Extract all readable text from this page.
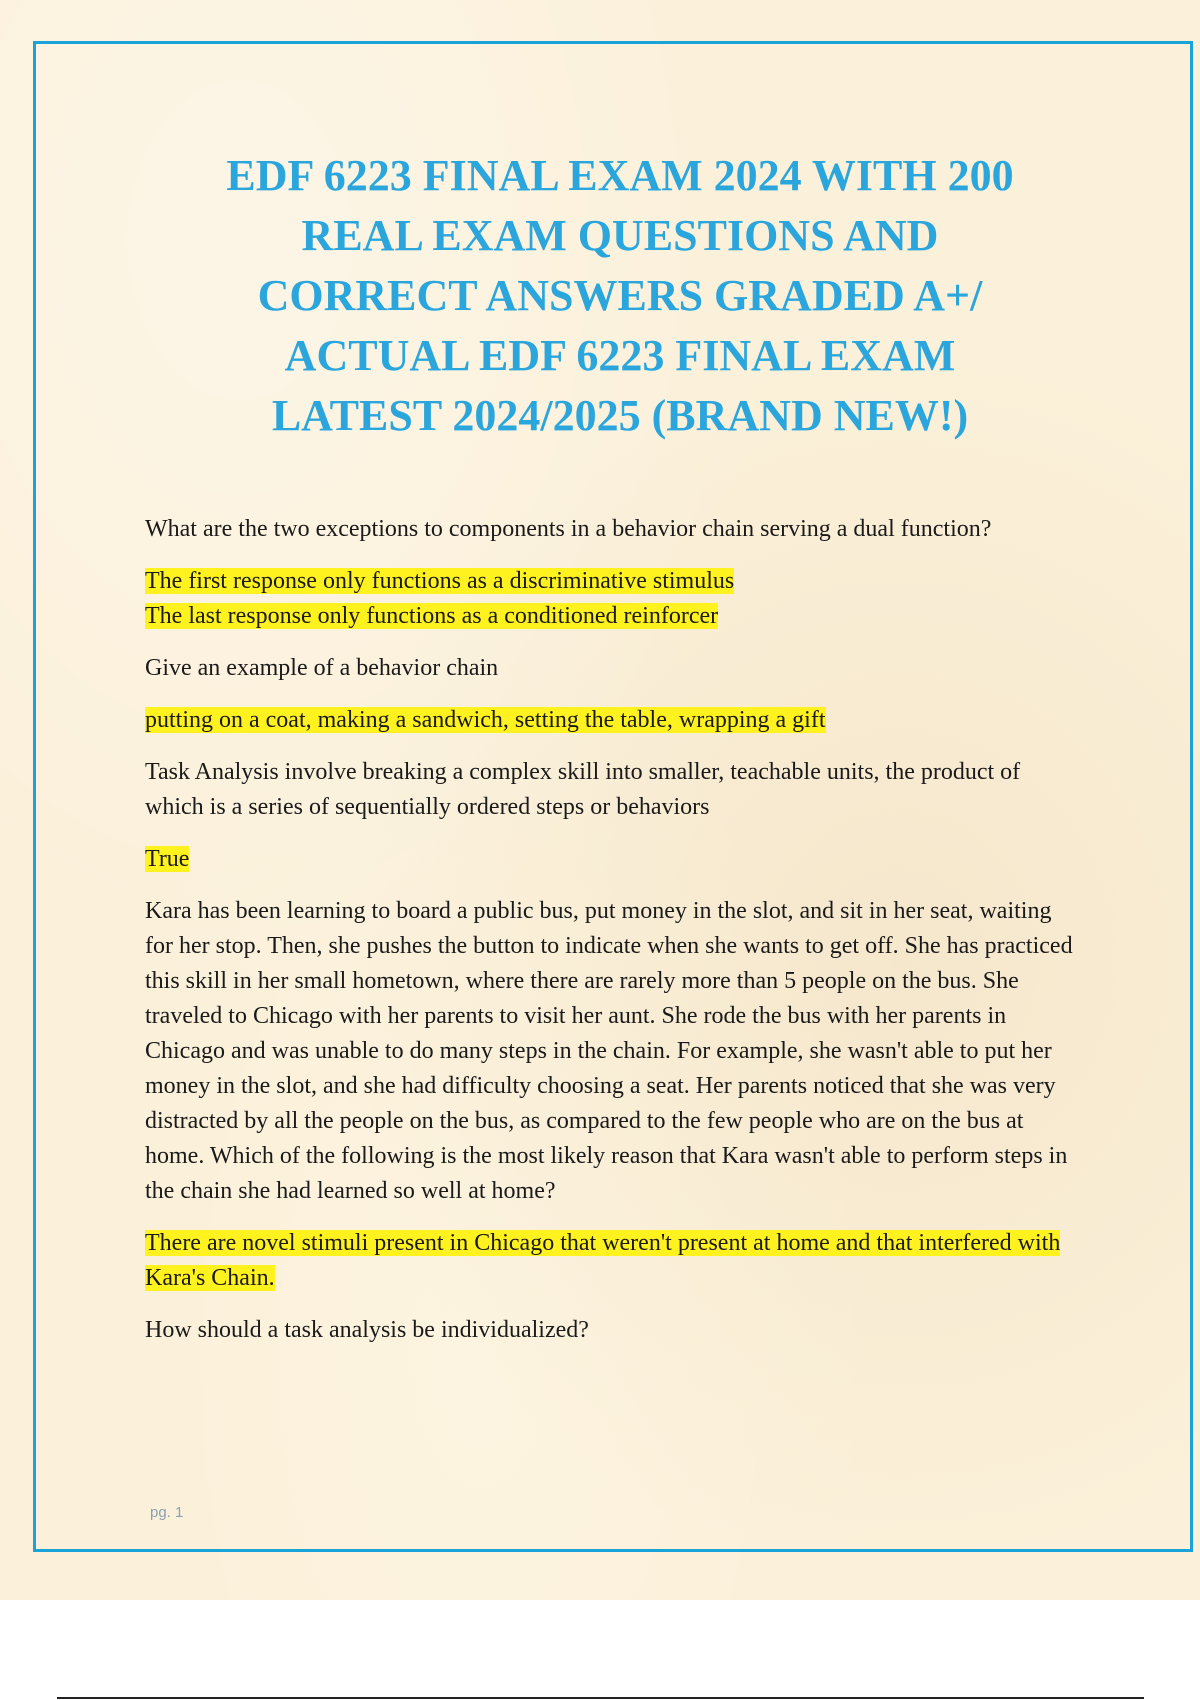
EDF 6223 FINAL EXAM 2024 WITH 200
REAL EXAM QUESTIONS AND
CORRECT ANSWERS GRADED A+/
ACTUAL EDF 6223 FINAL EXAM
LATEST 2024/2025 (BRAND NEW!)

What are the two exceptions to components in a behavior chain serving a dual function?

The first response only functions as a discriminative stimulus
The last response only functions as a conditioned reinforcer

Give an example of a behavior chain

putting on a coat, making a sandwich, setting the table, wrapping a gift

Task Analysis involve breaking a complex skill into smaller, teachable units, the product of which is a series of sequentially ordered steps or behaviors

True

Kara has been learning to board a public bus, put money in the slot, and sit in her seat, waiting for her stop. Then, she pushes the button to indicate when she wants to get off. She has practiced this skill in her small hometown, where there are rarely more than 5 people on the bus. She traveled to Chicago with her parents to visit her aunt. She rode the bus with her parents in Chicago and was unable to do many steps in the chain. For example, she wasn't able to put her money in the slot, and she had difficulty choosing a seat. Her parents noticed that she was very distracted by all the people on the bus, as compared to the few people who are on the bus at home. Which of the following is the most likely reason that Kara wasn't able to perform steps in the chain she had learned so well at home?

There are novel stimuli present in Chicago that weren't present at home and that interfered with Kara's Chain.

How should a task analysis be individualized?

pg. 1
